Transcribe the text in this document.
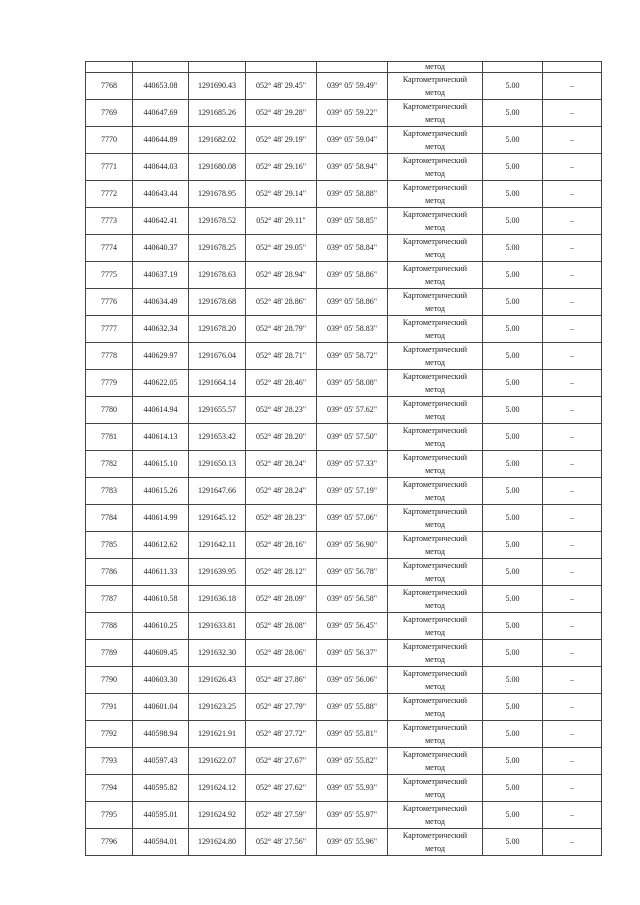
					метод		
7768	440653.08	1291690.43	052° 48' 29.45"	039° 05' 59.49"	Картометрический
метод	5.00	–
7769	440647.69	1291685.26	052° 48' 29.28"	039° 05' 59.22"	Картометрический
метод	5.00	–
7770	440644.89	1291682.02	052° 48' 29.19"	039° 05' 59.04"	Картометрический
метод	5.00	–
7771	440644.03	1291680.08	052° 48' 29.16"	039° 05' 58.94"	Картометрический
метод	5.00	–
7772	440643.44	1291678.95	052° 48' 29.14"	039° 05' 58.88"	Картометрический
метод	5.00	–
7773	440642.41	1291678.52	052° 48' 29.11"	039° 05' 58.85"	Картометрический
метод	5.00	–
7774	440640.37	1291678.25	052° 48' 29.05"	039° 05' 58.84"	Картометрический
метод	5.00	–
7775	440637.19	1291678.63	052° 48' 28.94"	039° 05' 58.86"	Картометрический
метод	5.00	–
7776	440634.49	1291678.68	052° 48' 28.86"	039° 05' 58.86"	Картометрический
метод	5.00	–
7777	440632.34	1291678.20	052° 48' 28.79"	039° 05' 58.83"	Картометрический
метод	5.00	–
7778	440629.97	1291676.04	052° 48' 28.71"	039° 05' 58.72"	Картометрический
метод	5.00	–
7779	440622.05	1291664.14	052° 48' 28.46"	039° 05' 58.08"	Картометрический
метод	5.00	–
7780	440614.94	1291655.57	052° 48' 28.23"	039° 05' 57.62"	Картометрический
метод	5.00	–
7781	440614.13	1291653.42	052° 48' 28.20"	039° 05' 57.50"	Картометрический
метод	5.00	–
7782	440615.10	1291650.13	052° 48' 28.24"	039° 05' 57.33"	Картометрический
метод	5.00	–
7783	440615.26	1291647.66	052° 48' 28.24"	039° 05' 57.19"	Картометрический
метод	5.00	–
7784	440614.99	1291645.12	052° 48' 28.23"	039° 05' 57.06"	Картометрический
метод	5.00	–
7785	440612.62	1291642.11	052° 48' 28.16"	039° 05' 56.90"	Картометрический
метод	5.00	–
7786	440611.33	1291639.95	052° 48' 28.12"	039° 05' 56.78"	Картометрический
метод	5.00	–
7787	440610.58	1291636.18	052° 48' 28.09"	039° 05' 56.58"	Картометрический
метод	5.00	–
7788	440610.25	1291633.81	052° 48' 28.08"	039° 05' 56.45"	Картометрический
метод	5.00	–
7789	440609.45	1291632.30	052° 48' 28.06"	039° 05' 56.37"	Картометрический
метод	5.00	–
7790	440603.30	1291626.43	052° 48' 27.86"	039° 05' 56.06"	Картометрический
метод	5.00	–
7791	440601.04	1291623.25	052° 48' 27.79"	039° 05' 55.88"	Картометрический
метод	5.00	–
7792	440598.94	1291621.91	052° 48' 27.72"	039° 05' 55.81"	Картометрический
метод	5.00	–
7793	440597.43	1291622.07	052° 48' 27.67"	039° 05' 55.82"	Картометрический
метод	5.00	–
7794	440595.82	1291624.12	052° 48' 27.62"	039° 05' 55.93"	Картометрический
метод	5.00	–
7795	440595.01	1291624.92	052° 48' 27.59"	039° 05' 55.97"	Картометрический
метод	5.00	–
7796	440594.01	1291624.80	052° 48' 27.56"	039° 05' 55.96"	Картометрический
метод	5.00	–
